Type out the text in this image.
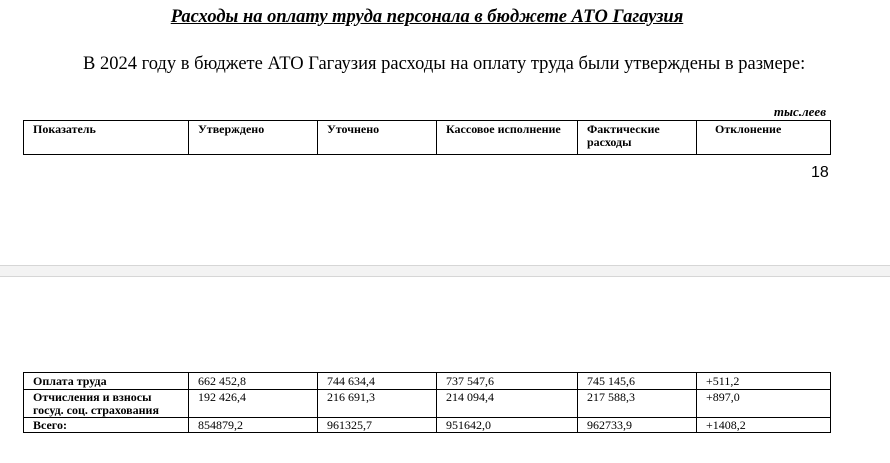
Расходы на оплату труда персонала в бюджете АТО Гагаузия

В 2024 году в бюджете АТО Гагаузия расходы на оплату труда были утверждены в размере:

тыс.леев
Показатель	Утверждено	Уточнено	Кассовое исполнение	Фактические расходы	Отклонение
18
Оплата труда	662 452,8	744 634,4	737 547,6	745 145,6	+511,2
Отчисления и взносы госуд. соц. страхования	192 426,4	216 691,3	214 094,4	217 588,3	+897,0
Всего:	854879,2	961325,7	951642,0	962733,9	+1408,2
